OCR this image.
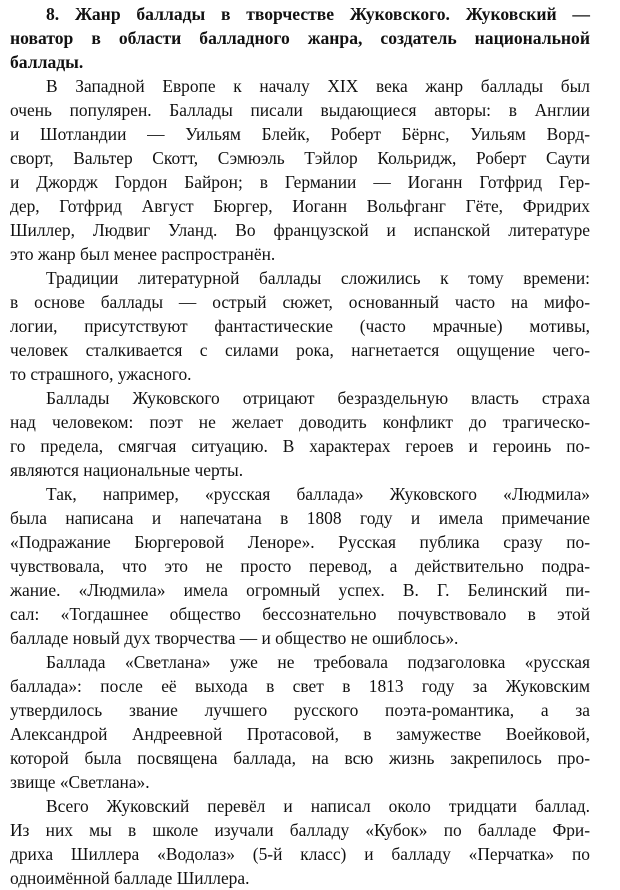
8. Жанр баллады в творчестве Жуковского. Жуковский —
новатор в области балладного жанра, создатель национальной
баллады.
В Западной Европе к началу XIX века жанр баллады был
очень популярен. Баллады писали выдающиеся авторы: в Англии
и Шотландии — Уильям Блейк, Роберт Бёрнс, Уильям Ворд-
сворт, Вальтер Скотт, Сэмюэль Тэйлор Кольридж, Роберт Саути
и Джордж Гордон Байрон; в Германии — Иоганн Готфрид Гер-
дер, Готфрид Август Бюргер, Иоганн Вольфганг Гёте, Фридрих
Шиллер, Людвиг Уланд. Во французской и испанской литературе
это жанр был менее распространён.
Традиции литературной баллады сложились к тому времени:
в основе баллады — острый сюжет, основанный часто на мифо-
логии, присутствуют фантастические (часто мрачные) мотивы,
человек сталкивается с силами рока, нагнетается ощущение чего-
то страшного, ужасного.
Баллады Жуковского отрицают безраздельную власть страха
над человеком: поэт не желает доводить конфликт до трагическо-
го предела, смягчая ситуацию. В характерах героев и героинь по-
являются национальные черты.
Так, например, «русская баллада» Жуковского «Людмила»
была написана и напечатана в 1808 году и имела примечание
«Подражание Бюргеровой Леноре». Русская публика сразу по-
чувствовала, что это не просто перевод, а действительно подра-
жание. «Людмила» имела огромный успех. В. Г. Белинский пи-
сал: «Тогдашнее общество бессознательно почувствовало в этой
балладе новый дух творчества — и общество не ошиблось».
Баллада «Светлана» уже не требовала подзаголовка «русская
баллада»: после её выхода в свет в 1813 году за Жуковским
утвердилось звание лучшего русского поэта-романтика, а за
Александрой Андреевной Протасовой, в замужестве Воейковой,
которой была посвящена баллада, на всю жизнь закрепилось про-
звище «Светлана».
Всего Жуковский перевёл и написал около тридцати баллад.
Из них мы в школе изучали балладу «Кубок» по балладе Фри-
дриха Шиллера «Водолаз» (5-й класс) и балладу «Перчатка» по
одноимённой балладе Шиллера.
